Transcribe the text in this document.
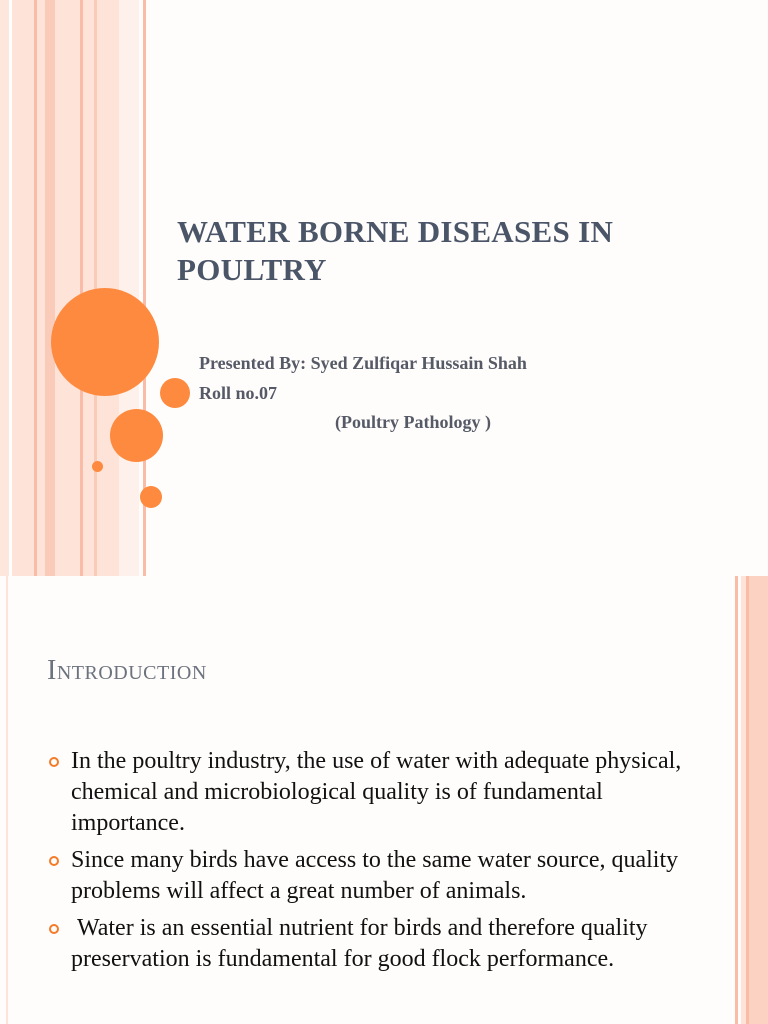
WATER BORNE DISEASES IN POULTRY

Presented By: Syed Zulfiqar Hussain Shah

Roll no.07

(Poultry Pathology )

Introduction
In the poultry industry, the use of water with adequate physical, chemical and microbiological quality is of fundamental importance.
Since many birds have access to the same water source, quality problems will affect a great number of animals.
Water is an essential nutrient for birds and therefore quality preservation is fundamental for good flock performance.
